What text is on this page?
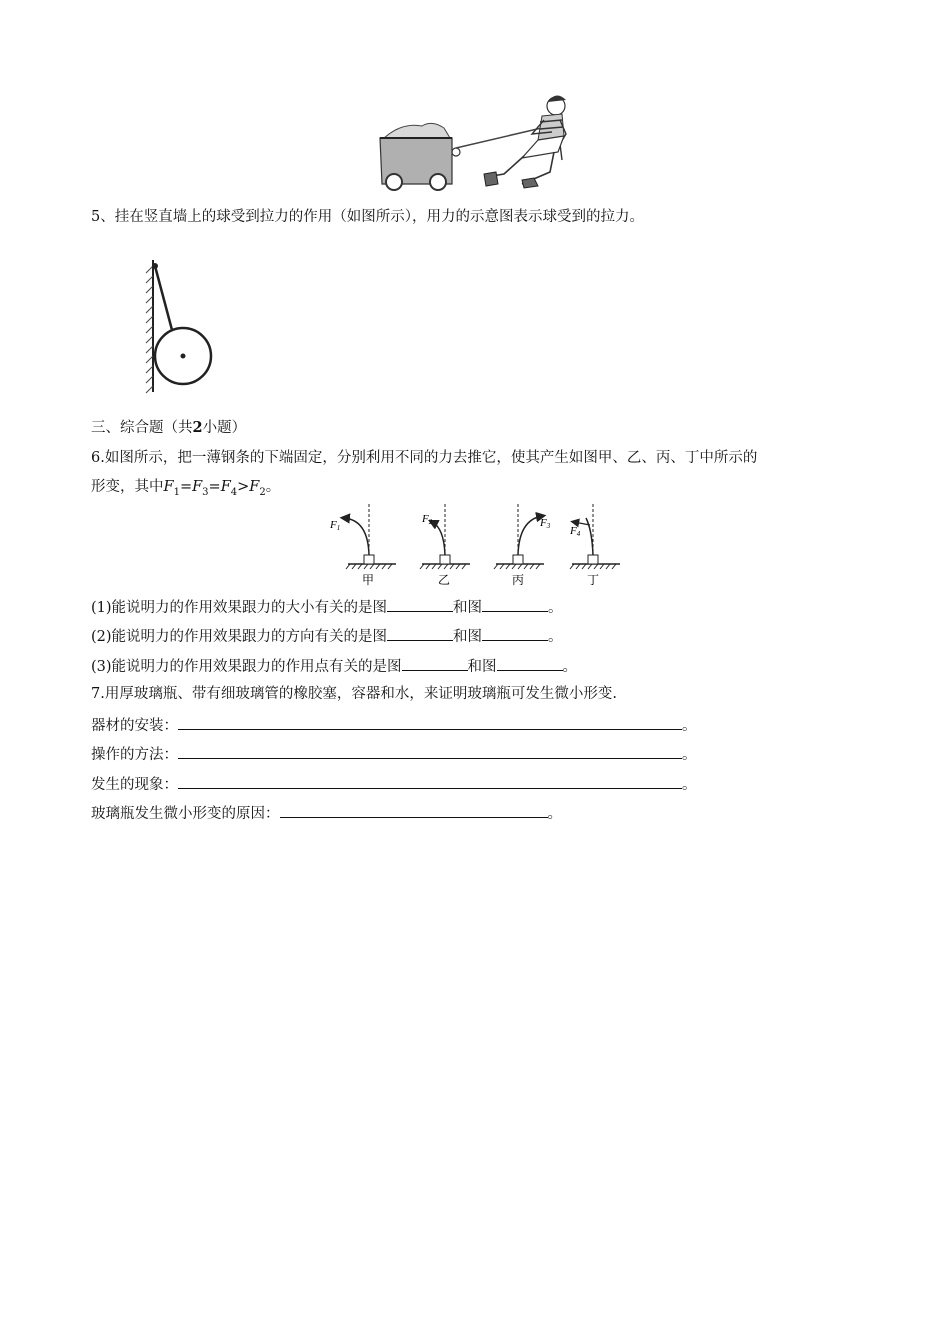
5、挂在竖直墙上的球受到拉力的作用（如图所示），用力的示意图表示球受到的拉力。
三、综合题（共2小题）
6.如图所示，把一薄钢条的下端固定，分别利用不同的力去推它，使其产生如图甲、乙、丙、丁中所示的
形变，其中$F_1=F_3=F_4>F_2$。
F1
F2	F3 F4
甲	乙	丙	丁
(1)能说明力的作用效果跟力的大小有关的是图	和图	。
(2)能说明力的作用效果跟力的方向有关的是图	和图	。
(3)能说明力的作用效果跟力的作用点有关的是图	和图	。
7.用厚玻璃瓶、带有细玻璃管的橡胶塞，容器和水，来证明玻璃瓶可发生微小形变.
器材的安装：	。
操作的方法：	。
发生的现象：	。
玻璃瓶发生微小形变的原因：	。
